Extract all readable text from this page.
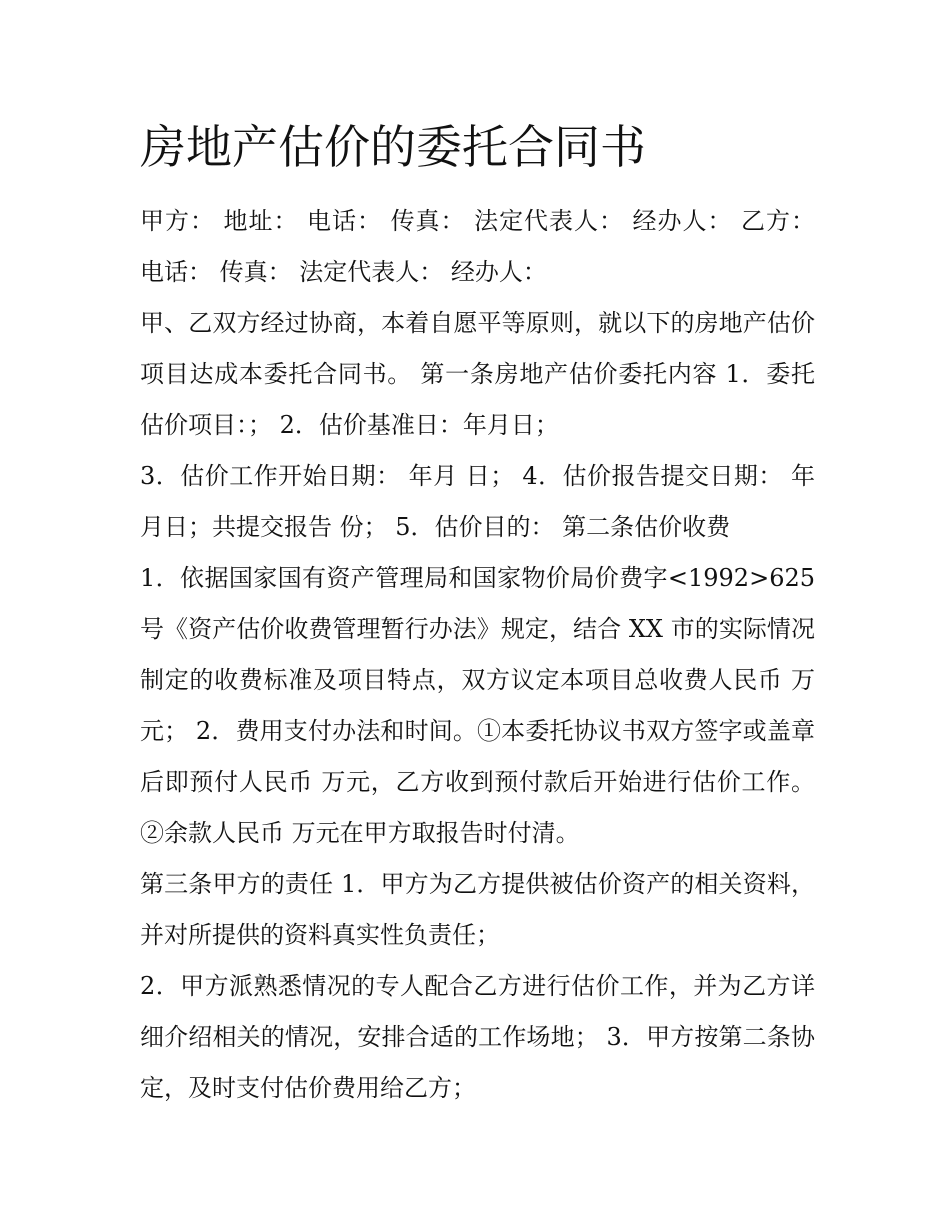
房地产估价的委托合同书

甲方： 地址： 电话： 传真： 法定代表人： 经办人： 乙方： 电话： 传真： 法定代表人： 经办人：

甲、乙双方经过协商，本着自愿平等原则，就以下的房地产估价项目达成本委托合同书。 第一条房地产估价委托内容 1．委托估价项目：； 2．估价基准日：年月日；

3．估价工作开始日期： 年月 日； 4．估价报告提交日期： 年月日；共提交报告 份； 5．估价目的： 第二条估价收费

1．依据国家国有资产管理局和国家物价局价费字<1992>625 号《资产估价收费管理暂行办法》规定，结合 XX 市的实际情况制定的收费标准及项目特点，双方议定本项目总收费人民币 万元； 2．费用支付办法和时间。①本委托协议书双方签字或盖章后即预付人民币 万元，乙方收到预付款后开始进行估价工作。②余款人民币 万元在甲方取报告时付清。

第三条甲方的责任 1．甲方为乙方提供被估价资产的相关资料，并对所提供的资料真实性负责任；

2．甲方派熟悉情况的专人配合乙方进行估价工作，并为乙方详细介绍相关的情况，安排合适的工作场地； 3．甲方按第二条协定，及时支付估价费用给乙方；
